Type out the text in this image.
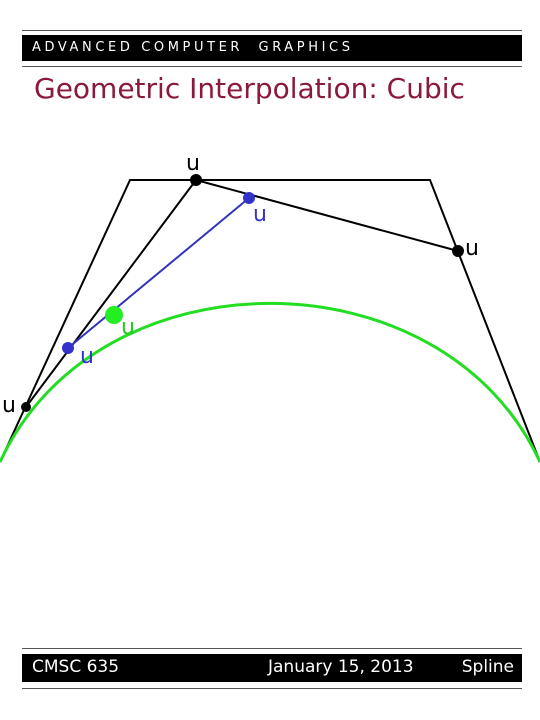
ADVANCED COMPUTER  GRAPHICS
Geometric Interpolation: Cubic
u
u
u
u
u
u
CMSC 635	January 15, 2013	Spline
